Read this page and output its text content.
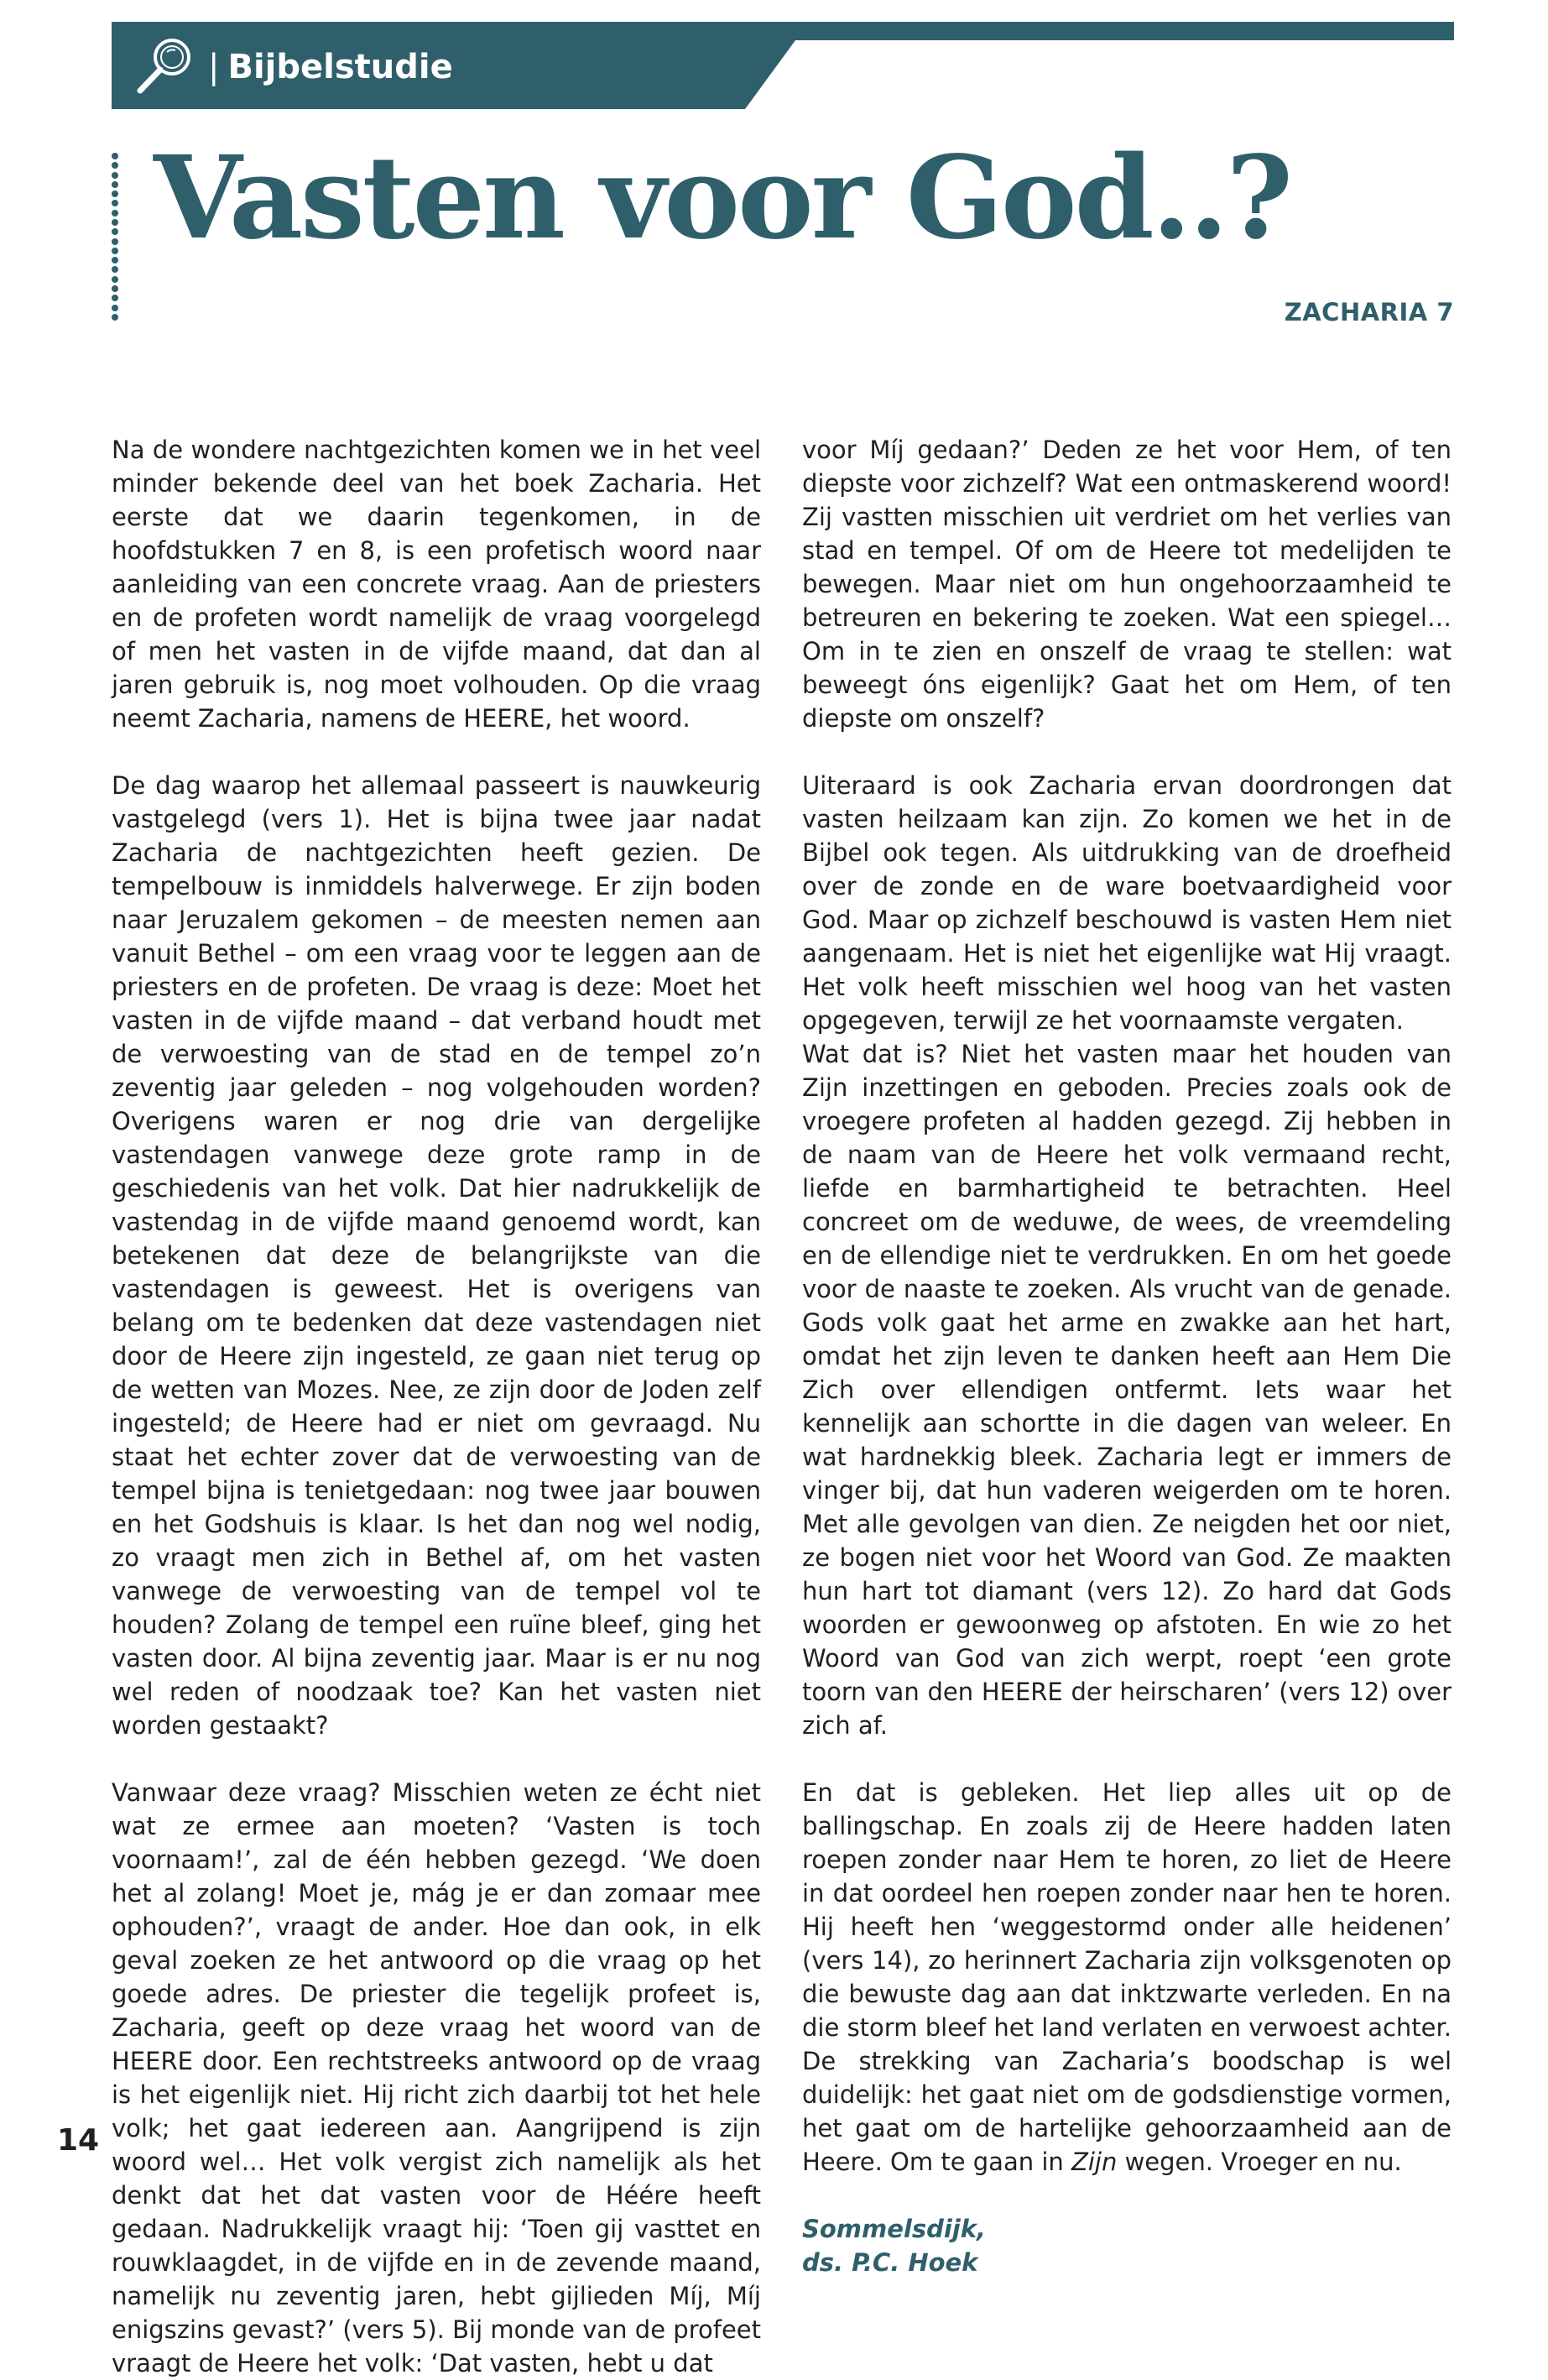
| Bijbelstudie
Vasten voor God..?
ZACHARIA 7

Na de wondere nachtgezichten komen we in het veel minder bekende deel van het boek Zacharia. Het eerste dat we daarin tegenkomen, in de hoofdstukken 7 en 8, is een profetisch woord naar aanleiding van een concrete vraag. Aan de priesters en de profeten wordt namelijk de vraag voorgelegd of men het vasten in de vijfde maand, dat dan al jaren gebruik is, nog moet volhouden. Op die vraag neemt Zacharia, namens de HEERE, het woord.

De dag waarop het allemaal passeert is nauwkeurig vastgelegd (vers 1). Het is bijna twee jaar nadat Zacharia de nachtgezichten heeft gezien. De tempelbouw is inmiddels halverwege. Er zijn boden naar Jeruzalem gekomen – de meesten nemen aan vanuit Bethel – om een vraag voor te leggen aan de priesters en de profeten. De vraag is deze: Moet het vasten in de vijfde maand – dat verband houdt met de verwoesting van de stad en de tempel zo’n zeventig jaar geleden – nog volgehouden worden? Overigens waren er nog drie van dergelijke vastendagen vanwege deze grote ramp in de geschiedenis van het volk. Dat hier nadrukkelijk de vastendag in de vijfde maand genoemd wordt, kan betekenen dat deze de belangrijkste van die vastendagen is geweest. Het is overigens van belang om te bedenken dat deze vastendagen niet door de Heere zijn ingesteld, ze gaan niet terug op de wetten van Mozes. Nee, ze zijn door de Joden zelf ingesteld; de Heere had er niet om gevraagd. Nu staat het echter zover dat de verwoesting van de tempel bijna is tenietgedaan: nog twee jaar bouwen en het Godshuis is klaar. Is het dan nog wel nodig, zo vraagt men zich in Bethel af, om het vasten vanwege de verwoesting van de tempel vol te houden? Zolang de tempel een ruïne bleef, ging het vasten door. Al bijna zeventig jaar. Maar is er nu nog wel reden of noodzaak toe? Kan het vasten niet worden gestaakt?

Vanwaar deze vraag? Misschien weten ze écht niet wat ze ermee aan moeten? ‘Vasten is toch voornaam!’, zal de één hebben gezegd. ‘We doen het al zolang! Moet je, mág je er dan zomaar mee ophouden?’, vraagt de ander. Hoe dan ook, in elk geval zoeken ze het antwoord op die vraag op het goede adres. De priester die tegelijk profeet is, Zacharia, geeft op deze vraag het woord van de HEERE door. Een rechtstreeks antwoord op de vraag is het eigenlijk niet. Hij richt zich daarbij tot het hele volk; het gaat iedereen aan. Aangrijpend is zijn woord wel… Het volk vergist zich namelijk als het denkt dat het dat vasten voor de Héére heeft gedaan. Nadrukkelijk vraagt hij: ‘Toen gij vasttet en rouwklaagdet, in de vijfde en in de zevende maand, namelijk nu zeventig jaren, hebt gijlieden Míj, Míj enigszins gevast?’ (vers 5). Bij monde van de profeet vraagt de Heere het volk: ‘Dat vasten, hebt u dat

voor Míj gedaan?’ Deden ze het voor Hem, of ten diepste voor zichzelf? Wat een ontmaskerend woord! Zij vastten misschien uit verdriet om het verlies van stad en tempel. Of om de Heere tot medelijden te bewegen. Maar niet om hun ongehoorzaamheid te betreuren en bekering te zoeken. Wat een spiegel… Om in te zien en onszelf de vraag te stellen: wat beweegt óns eigenlijk? Gaat het om Hem, of ten diepste om onszelf?

Uiteraard is ook Zacharia ervan doordrongen dat vasten heilzaam kan zijn. Zo komen we het in de Bijbel ook tegen. Als uitdrukking van de droefheid over de zonde en de ware boetvaardigheid voor God. Maar op zichzelf beschouwd is vasten Hem niet aangenaam. Het is niet het eigenlijke wat Hij vraagt. Het volk heeft misschien wel hoog van het vasten opgegeven, terwijl ze het voornaamste vergaten.

Wat dat is? Niet het vasten maar het houden van Zijn inzettingen en geboden. Precies zoals ook de vroegere profeten al hadden gezegd. Zij hebben in de naam van de Heere het volk vermaand recht, liefde en barmhartigheid te betrachten. Heel concreet om de weduwe, de wees, de vreemdeling en de ellendige niet te verdrukken. En om het goede voor de naaste te zoeken. Als vrucht van de genade. Gods volk gaat het arme en zwakke aan het hart, omdat het zijn leven te danken heeft aan Hem Die Zich over ellendigen ontfermt. Iets waar het kennelijk aan schortte in die dagen van weleer. En wat hardnekkig bleek. Zacharia legt er immers de vinger bij, dat hun vaderen weigerden om te horen. Met alle gevolgen van dien. Ze neigden het oor niet, ze bogen niet voor het Woord van God. Ze maakten hun hart tot diamant (vers 12). Zo hard dat Gods woorden er gewoonweg op afstoten. En wie zo het Woord van God van zich werpt, roept ‘een grote toorn van den HEERE der heirscharen’ (vers 12) over zich af.

En dat is gebleken. Het liep alles uit op de ballingschap. En zoals zij de Heere hadden laten roepen zonder naar Hem te horen, zo liet de Heere in dat oordeel hen roepen zonder naar hen te horen. Hij heeft hen ‘weggestormd onder alle heidenen’ (vers 14), zo herinnert Zacharia zijn volksgenoten op die bewuste dag aan dat inktzwarte verleden. En na die storm bleef het land verlaten en verwoest achter. De strekking van Zacharia’s boodschap is wel duidelijk: het gaat niet om de godsdienstige vormen, het gaat om de hartelijke gehoorzaamheid aan de Heere. Om te gaan in Zijn wegen. Vroeger en nu.

Sommelsdijk,
ds. P.C. Hoek
14
